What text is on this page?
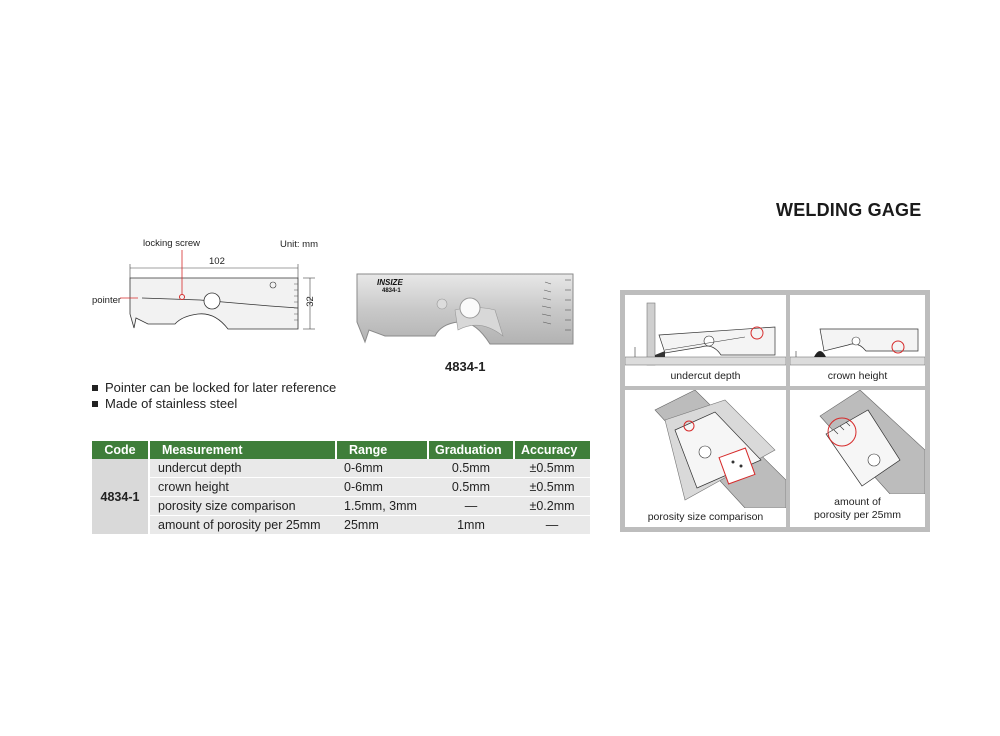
WELDING GAGE
locking screw	Unit: mm
102
pointer	32
INSIZE
4834-1
4834-1
Pointer can be locked for later reference
Made of stainless steel
Code	Measurement	Range	Graduation	Accuracy
4834-1	undercut depth	0-6mm	0.5mm	±0.5mm
	crown height	0-6mm	0.5mm	±0.5mm
	porosity size comparison	1.5mm, 3mm	—	±0.2mm
	amount of porosity per 25mm	25mm	1mm	—
undercut depth	crown height
porosity size comparison
amount of
porosity per 25mm
